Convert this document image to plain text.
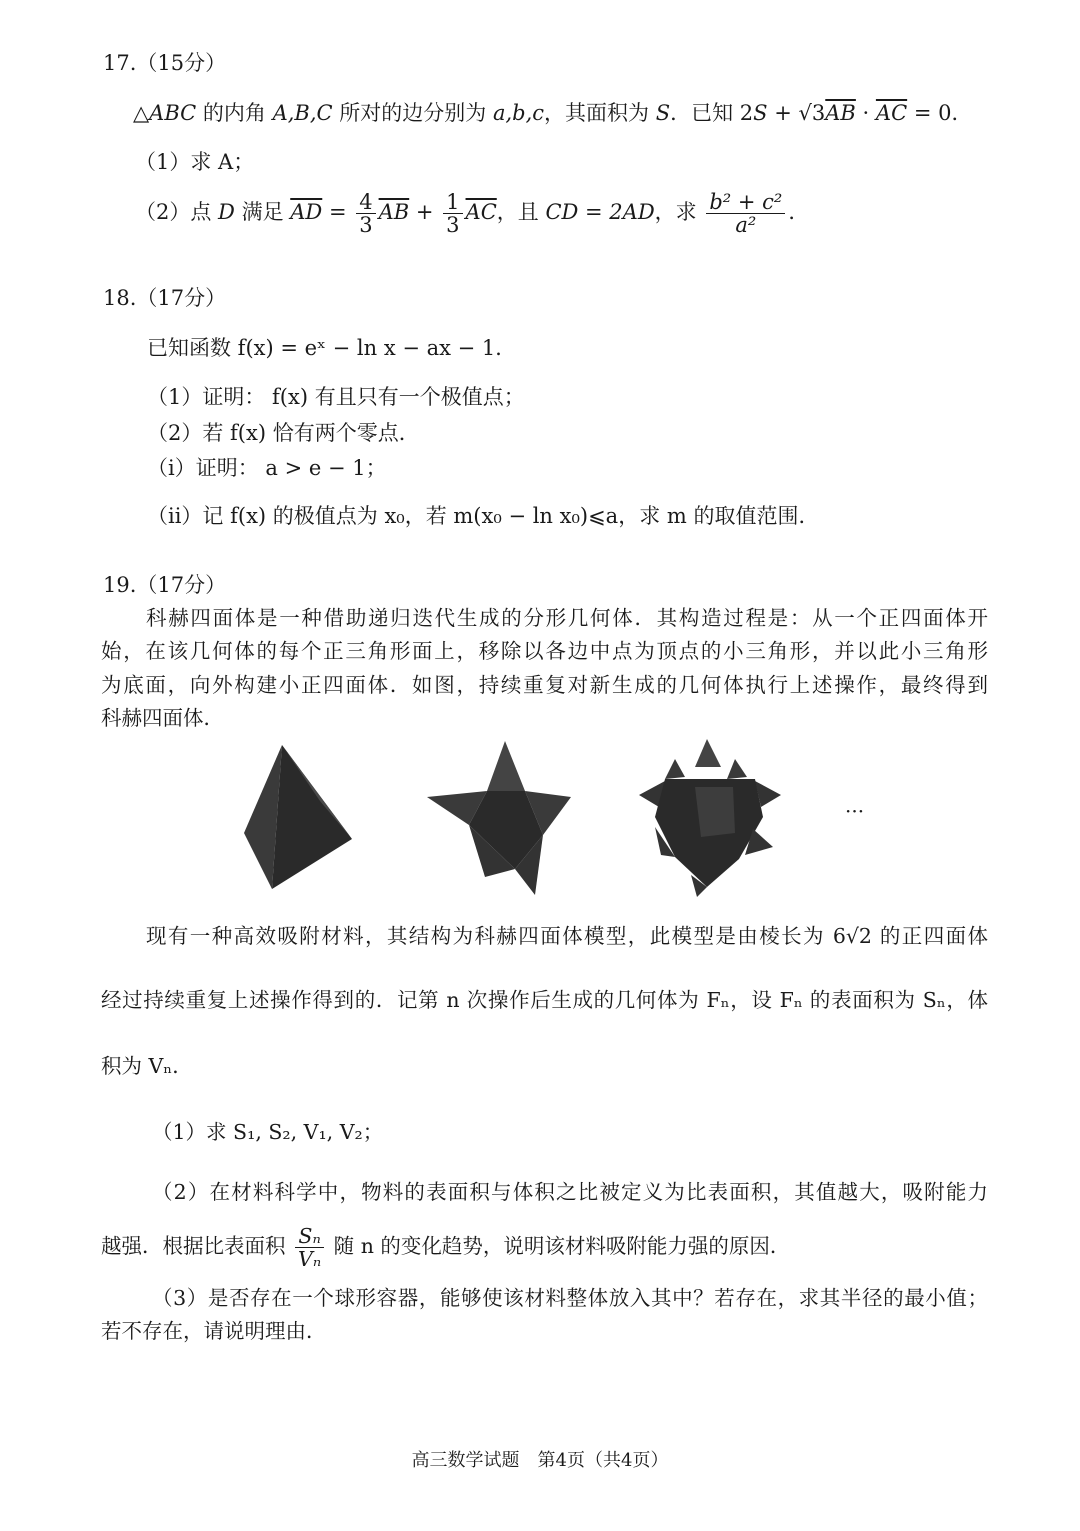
17.（15分）
△ABC 的内角 A,B,C 所对的边分别为 a,b,c，其面积为 S．已知 $2S + √3\overline{AB} \cdot \overline{AC} = 0$．
（1）求 A；
（2）点 D 满足 $\overline{AD} = \frac{4}{3} \overline{AB} + \frac{1}{3} \overline{AC}$，且 CD = 2AD，求 $\frac{\text{b² + c²}}{\text{a²}}$ ．
18.（17分）
已知函数 f(x) = eˣ − ln x − ax − 1．
（1）证明： f(x) 有且只有一个极值点；
（2）若 f(x) 恰有两个零点．
（i）证明： a > e − 1；
（ii）记 f(x) 的极值点为 x₀，若 m(x₀ − ln x₀)⩽a，求 m 的取值范围．
19.（17分）
科赫四面体是一种借助递归迭代生成的分形几何体．其构造过程是：从一个正四面体开
始，在该几何体的每个正三角形面上，移除以各边中点为顶点的小三角形，并以此小三角形
为底面，向外构建小正四面体．如图，持续重复对新生成的几何体执行上述操作，最终得到
科赫四面体．
···
现有一种高效吸附材料，其结构为科赫四面体模型，此模型是由棱长为 6√2 的正四面体
经过持续重复上述操作得到的．记第 n 次操作后生成的几何体为 Fₙ，设 Fₙ 的表面积为 Sₙ，体
积为 Vₙ．
（1）求 S₁, S₂, V₁, V₂；
（2）在材料科学中，物料的表面积与体积之比被定义为比表面积，其值越大，吸附能力
越强．根据比表面积 $\frac{\text{Sₙ}}{\text{Vₙ}}$ 随 n 的变化趋势，说明该材料吸附能力强的原因．
（3）是否存在一个球形容器，能够使该材料整体放入其中？若存在，求其半径的最小值；
若不存在，请说明理由．
高三数学试题　第4页（共4页）
